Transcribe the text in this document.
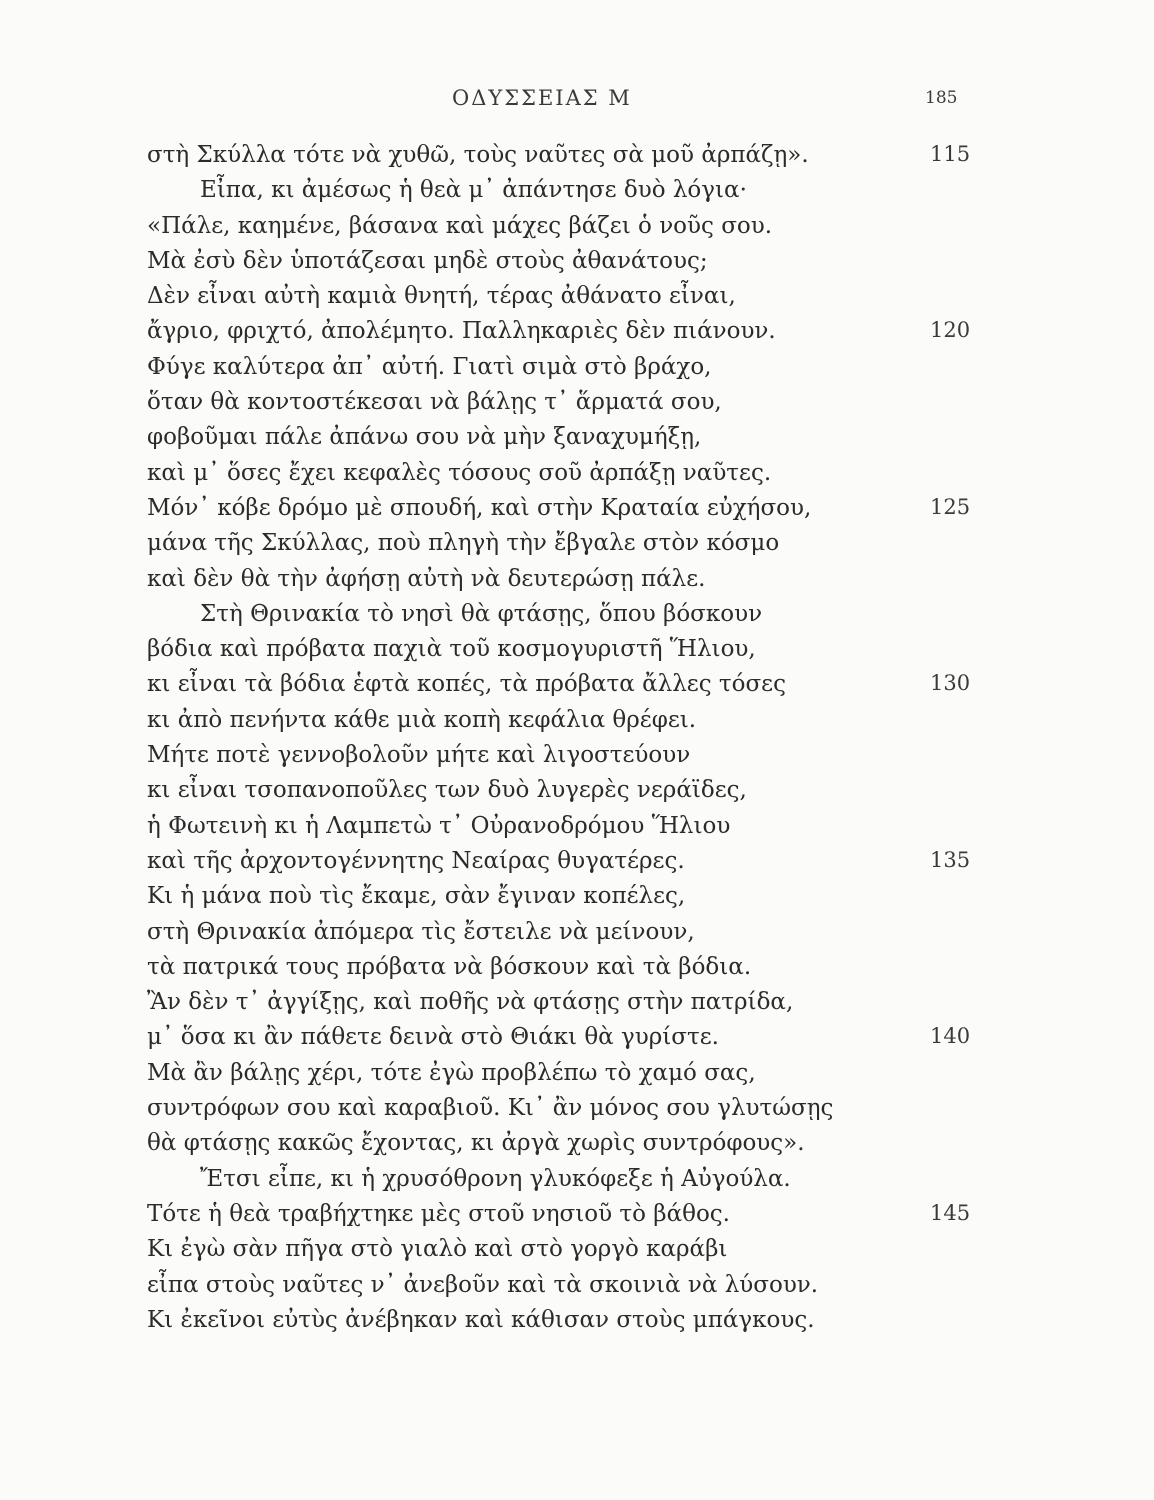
ΟΔΥΣΣΕΙΑΣ Μ	185
στὴ Σκύλλα τότε νὰ χυθῶ, τοὺς ναῦτες σὰ μοῦ ἀρπάζῃ».	115
Εἶπα, κι ἀμέσως ἡ θεὰ μ᾽ ἀπάντησε δυὸ λόγια·
«Πάλε, καημένε, βάσανα καὶ μάχες βάζει ὁ νοῦς σου.
Μὰ ἐσὺ δὲν ὑποτάζεσαι μηδὲ στοὺς ἀθανάτους;
Δὲν εἶναι αὐτὴ καμιὰ θνητή, τέρας ἀθάνατο εἶναι,
ἄγριο, φριχτό, ἀπολέμητο. Παλληκαριὲς δὲν πιάνουν.	120
Φύγε καλύτερα ἀπ᾽ αὐτή. Γιατὶ σιμὰ στὸ βράχο,
ὅταν θὰ κοντοστέκεσαι νὰ βάλῃς τ᾽ ἅρματά σου,
φοβοῦμαι πάλε ἀπάνω σου νὰ μὴν ξαναχυμήξῃ,
καὶ μ᾽ ὅσες ἔχει κεφαλὲς τόσους σοῦ ἀρπάξῃ ναῦτες.
Μόν᾽ κόβε δρόμο μὲ σπουδή, καὶ στὴν Κραταία εὐχήσου,	125
μάνα τῆς Σκύλλας, ποὺ πληγὴ τὴν ἔβγαλε στὸν κόσμο
καὶ δὲν θὰ τὴν ἀφήσῃ αὐτὴ νὰ δευτερώσῃ πάλε.
Στὴ Θρινακία τὸ νησὶ θὰ φτάσῃς, ὅπου βόσκουν
βόδια καὶ πρόβατα παχιὰ τοῦ κοσμογυριστῆ Ἥλιου,
κι εἶναι τὰ βόδια ἑφτὰ κοπές, τὰ πρόβατα ἄλλες τόσες	130
κι ἀπὸ πενήντα κάθε μιὰ κοπὴ κεφάλια θρέφει.
Μήτε ποτὲ γεννοβολοῦν μήτε καὶ λιγοστεύουν
κι εἶναι τσοπανοποῦλες των δυὸ λυγερὲς νεράϊδες,
ἡ Φωτεινὴ κι ἡ Λαμπετὼ τ᾽ Οὐρανοδρόμου Ἥλιου
καὶ τῆς ἀρχοντογέννητης Νεαίρας θυγατέρες.	135
Κι ἡ μάνα ποὺ τὶς ἔκαμε, σὰν ἔγιναν κοπέλες,
στὴ Θρινακία ἀπόμερα τὶς ἔστειλε νὰ μείνουν,
τὰ πατρικά τους πρόβατα νὰ βόσκουν καὶ τὰ βόδια.
Ἂν δὲν τ᾽ ἀγγίξῃς, καὶ ποθῆς νὰ φτάσῃς στὴν πατρίδα,
μ᾽ ὅσα κι ἂν πάθετε δεινὰ στὸ Θιάκι θὰ γυρίστε.	140
Μὰ ἂν βάλῃς χέρι, τότε ἐγὼ προβλέπω τὸ χαμό σας,
συντρόφων σου καὶ καραβιοῦ. Κι᾽ ἂν μόνος σου γλυτώσῃς
θὰ φτάσῃς κακῶς ἔχοντας, κι ἀργὰ χωρὶς συντρόφους».
Ἔτσι εἶπε, κι ἡ χρυσόθρονη γλυκόφεξε ἡ Αὐγούλα.
Τότε ἡ θεὰ τραβήχτηκε μὲς στοῦ νησιοῦ τὸ βάθος.	145
Κι ἐγὼ σὰν πῆγα στὸ γιαλὸ καὶ στὸ γοργὸ καράβι
εἶπα στοὺς ναῦτες ν᾽ ἀνεβοῦν καὶ τὰ σκοινιὰ νὰ λύσουν.
Κι ἐκεῖνοι εὐτὺς ἀνέβηκαν καὶ κάθισαν στοὺς μπάγκους.
